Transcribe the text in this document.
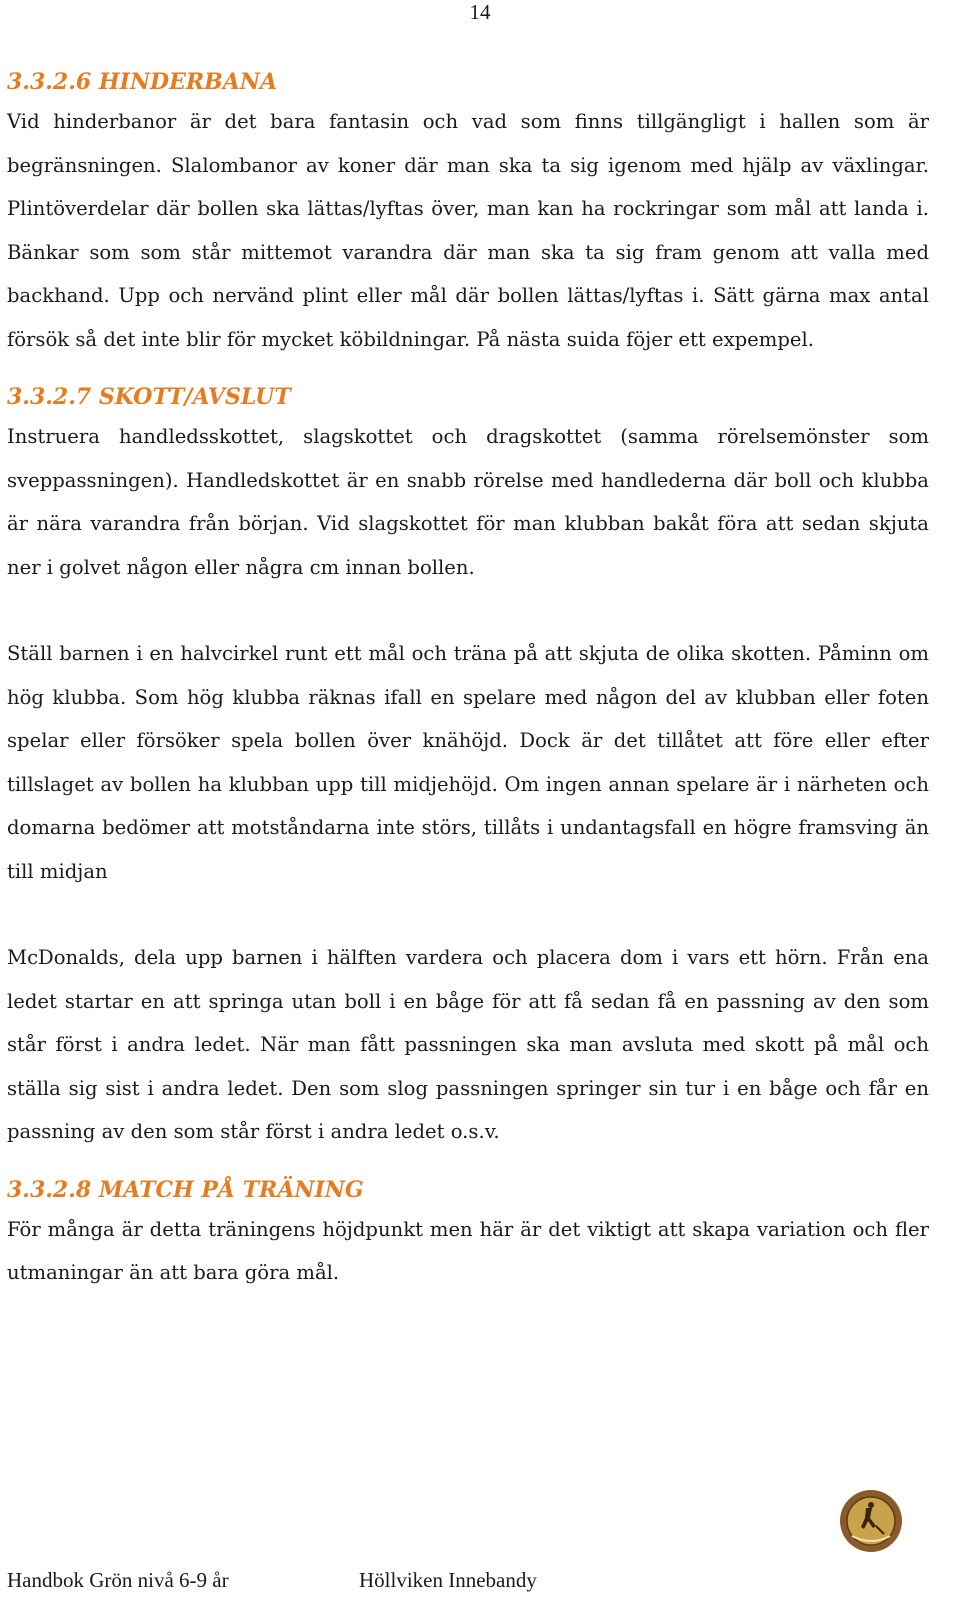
14
3.3.2.6 HINDERBANA

Vid hinderbanor är det bara fantasin och vad som finns tillgängligt i hallen som är begränsningen. Slalombanor av koner där man ska ta sig igenom med hjälp av växlingar. Plintöverdelar där bollen ska lättas/lyftas över, man kan ha rockringar som mål att landa i. Bänkar som som står mittemot varandra där man ska ta sig fram genom att valla med backhand. Upp och nervänd plint eller mål där bollen lättas/lyftas i. Sätt gärna max antal försök så det inte blir för mycket köbildningar. På nästa suida föjer ett expempel.

3.3.2.7 SKOTT/AVSLUT

Instruera handledsskottet, slagskottet och dragskottet (samma rörelsemönster som sveppassningen). Handledskottet är en snabb rörelse med handlederna där boll och klubba är nära varandra från början. Vid slagskottet för man klubban bakåt föra att sedan skjuta ner i golvet någon eller några cm innan bollen.

Ställ barnen i en halvcirkel runt ett mål och träna på att skjuta de olika skotten. Påminn om hög klubba. Som hög klubba räknas ifall en spelare med någon del av klubban eller foten spelar eller försöker spela bollen över knähöjd. Dock är det tillåtet att före eller efter tillslaget av bollen ha klubban upp till midjehöjd. Om ingen annan spelare är i närheten och domarna bedömer att motståndarna inte störs, tillåts i undantagsfall en högre framsving än till midjan

McDonalds, dela upp barnen i hälften vardera och placera dom i vars ett hörn. Från ena ledet startar en att springa utan boll i en båge för att få sedan få en passning av den som står först i andra ledet. När man fått passningen ska man avsluta med skott på mål och ställa sig sist i andra ledet. Den som slog passningen springer sin tur i en båge och får en passning av den som står först i andra ledet o.s.v.

3.3.2.8 MATCH PÅ TRÄNING

För många är detta träningens höjdpunkt men här är det viktigt att skapa variation och fler utmaningar än att bara göra mål.

Handbok Grön nivå 6-9 år	Höllviken Innebandy
